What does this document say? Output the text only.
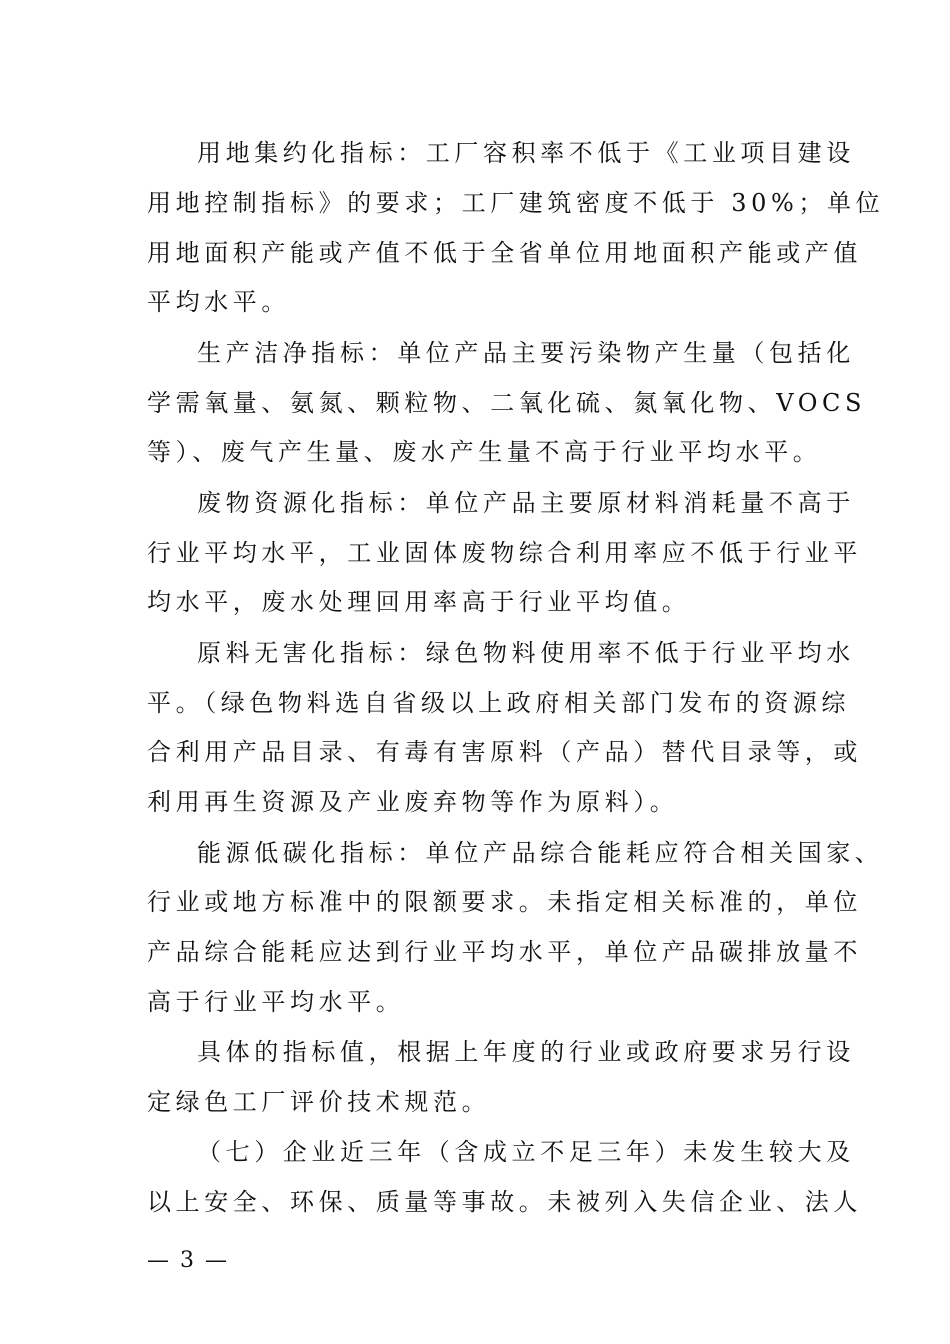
用地集约化指标：工厂容积率不低于《工业项目建设
用地控制指标》的要求；工厂建筑密度不低于 30%；单位
用地面积产能或产值不低于全省单位用地面积产能或产值
平均水平。
生产洁净指标：单位产品主要污染物产生量（包括化
学需氧量、氨氮、颗粒物、二氧化硫、氮氧化物、VOCS
等）、废气产生量、废水产生量不高于行业平均水平。
废物资源化指标：单位产品主要原材料消耗量不高于
行业平均水平，工业固体废物综合利用率应不低于行业平
均水平，废水处理回用率高于行业平均值。
原料无害化指标：绿色物料使用率不低于行业平均水
平。（绿色物料选自省级以上政府相关部门发布的资源综
合利用产品目录、有毒有害原料（产品）替代目录等，或
利用再生资源及产业废弃物等作为原料）。
能源低碳化指标：单位产品综合能耗应符合相关国家、
行业或地方标准中的限额要求。未指定相关标准的，单位
产品综合能耗应达到行业平均水平，单位产品碳排放量不
高于行业平均水平。
具体的指标值，根据上年度的行业或政府要求另行设
定绿色工厂评价技术规范。
（七）企业近三年（含成立不足三年）未发生较大及
以上安全、环保、质量等事故。未被列入失信企业、法人
— 3 —
